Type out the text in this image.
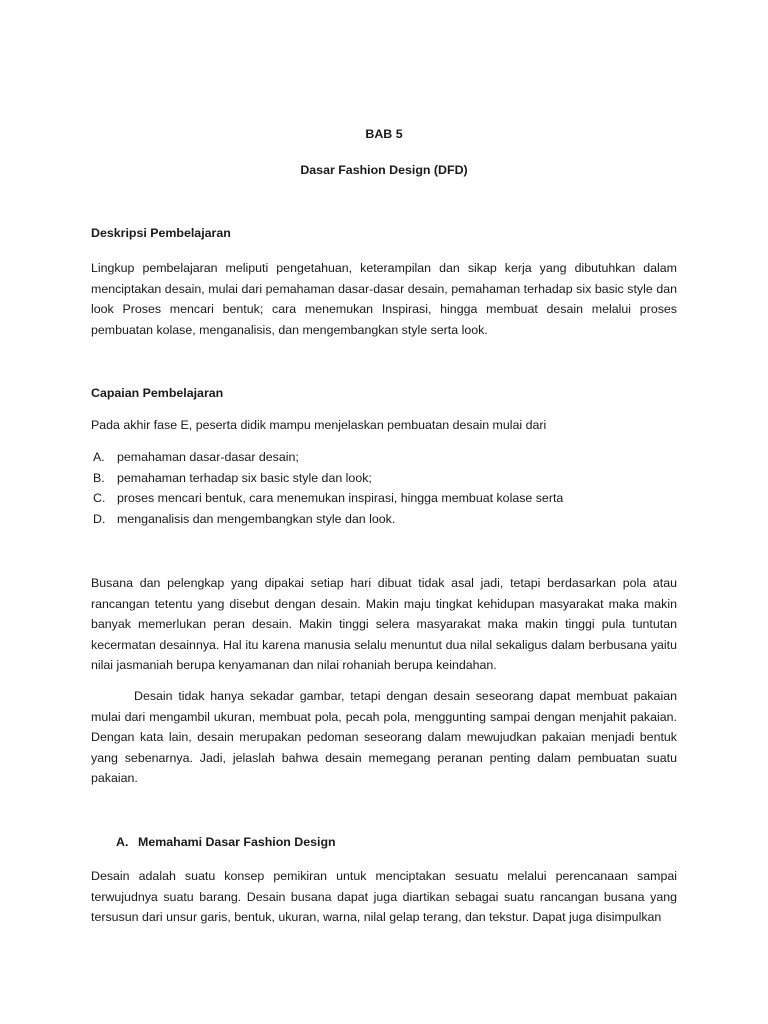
BAB 5
Dasar Fashion Design (DFD)
Deskripsi Pembelajaran
Lingkup pembelajaran meliputi pengetahuan, keterampilan dan sikap kerja yang dibutuhkan dalam menciptakan desain, mulai dari pemahaman dasar-dasar desain, pemahaman terhadap six basic style dan look Proses mencari bentuk; cara menemukan Inspirasi, hingga membuat desain melalui proses pembuatan kolase, menganalisis, dan mengembangkan style serta look.
Capaian Pembelajaran
Pada akhir fase E, peserta didik mampu menjelaskan pembuatan desain mulai dari
A. pemahaman dasar-dasar desain;
B. pemahaman terhadap six basic style dan look;
C. proses mencari bentuk, cara menemukan inspirasi, hingga membuat kolase serta
D. menganalisis dan mengembangkan style dan look.
Busana dan pelengkap yang dipakai setiap hari dibuat tidak asal jadi, tetapi berdasarkan pola atau rancangan tetentu yang disebut dengan desain. Makin maju tingkat kehidupan masyarakat maka makin banyak memerlukan peran desain. Makin tinggi selera masyarakat maka makin tinggi pula tuntutan kecermatan desainnya. Hal itu karena manusia selalu menuntut dua nilal sekaligus dalam berbusana yaitu nilai jasmaniah berupa kenyamanan dan nilai rohaniah berupa keindahan.
Desain tidak hanya sekadar gambar, tetapi dengan desain seseorang dapat membuat pakaian mulai dari mengambil ukuran, membuat pola, pecah pola, menggunting sampai dengan menjahit pakaian. Dengan kata lain, desain merupakan pedoman seseorang dalam mewujudkan pakaian menjadi bentuk yang sebenarnya. Jadi, jelaslah bahwa desain memegang peranan penting dalam pembuatan suatu pakaian.
A. Memahami Dasar Fashion Design
Desain adalah suatu konsep pemikiran untuk menciptakan sesuatu melalui perencanaan sampai terwujudnya suatu barang. Desain busana dapat juga diartikan sebagai suatu rancangan busana yang tersusun dari unsur garis, bentuk, ukuran, warna, nilal gelap terang, dan tekstur. Dapat juga disimpulkan
